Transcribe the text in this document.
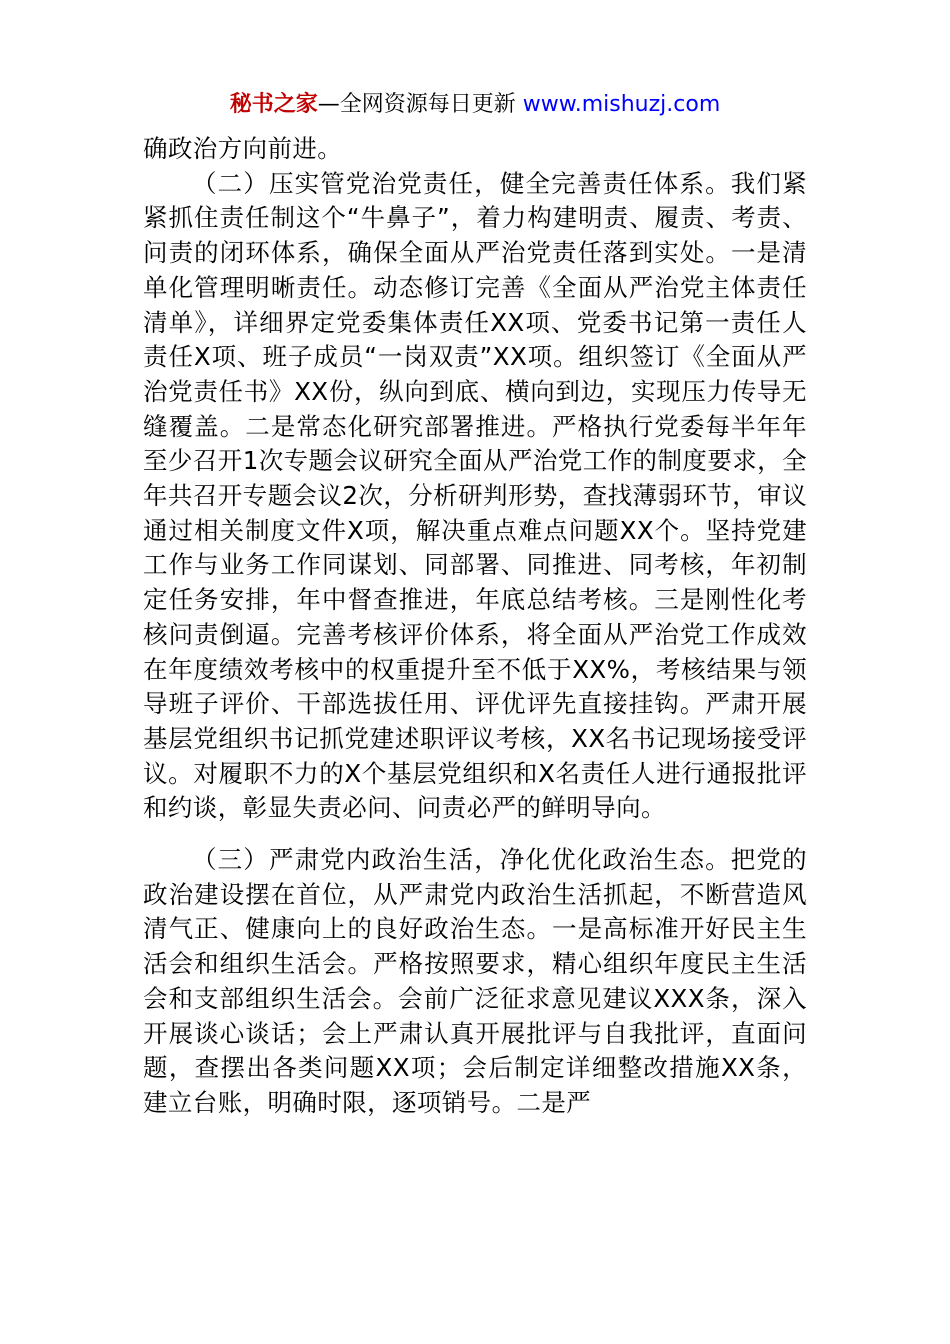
秘书之家—全网资源每日更新 www.mishuzj.com

确政治方向前进。

（二）压实管党治党责任，健全完善责任体系。我们紧紧抓住责任制这个“牛鼻子”，着力构建明责、履责、考责、问责的闭环体系，确保全面从严治党责任落到实处。一是清单化管理明晰责任。动态修订完善《全面从严治党主体责任清单》，详细界定党委集体责任XX项、党委书记第一责任人责任X项、班子成员“一岗双责”XX项。组织签订《全面从严治党责任书》XX份，纵向到底、横向到边，实现压力传导无缝覆盖。二是常态化研究部署推进。严格执行党委每半年年至少召开1次专题会议研究全面从严治党工作的制度要求，全年共召开专题会议2次，分析研判形势，查找薄弱环节，审议通过相关制度文件X项，解决重点难点问题XX个。坚持党建工作与业务工作同谋划、同部署、同推进、同考核，年初制定任务安排，年中督查推进，年底总结考核。三是刚性化考核问责倒逼。完善考核评价体系，将全面从严治党工作成效在年度绩效考核中的权重提升至不低于XX%，考核结果与领导班子评价、干部选拔任用、评优评先直接挂钩。严肃开展基层党组织书记抓党建述职评议考核，XX名书记现场接受评议。对履职不力的X个基层党组织和X名责任人进行通报批评和约谈，彰显失责必问、问责必严的鲜明导向。

（三）严肃党内政治生活，净化优化政治生态。把党的政治建设摆在首位，从严肃党内政治生活抓起，不断营造风清气正、健康向上的良好政治生态。一是高标准开好民主生活会和组织生活会。严格按照要求，精心组织年度民主生活会和支部组织生活会。会前广泛征求意见建议XXX条，深入开展谈心谈话；会上严肃认真开展批评与自我批评，直面问题，查摆出各类问题XX项；会后制定详细整改措施XX条，建立台账，明确时限，逐项销号。二是严
